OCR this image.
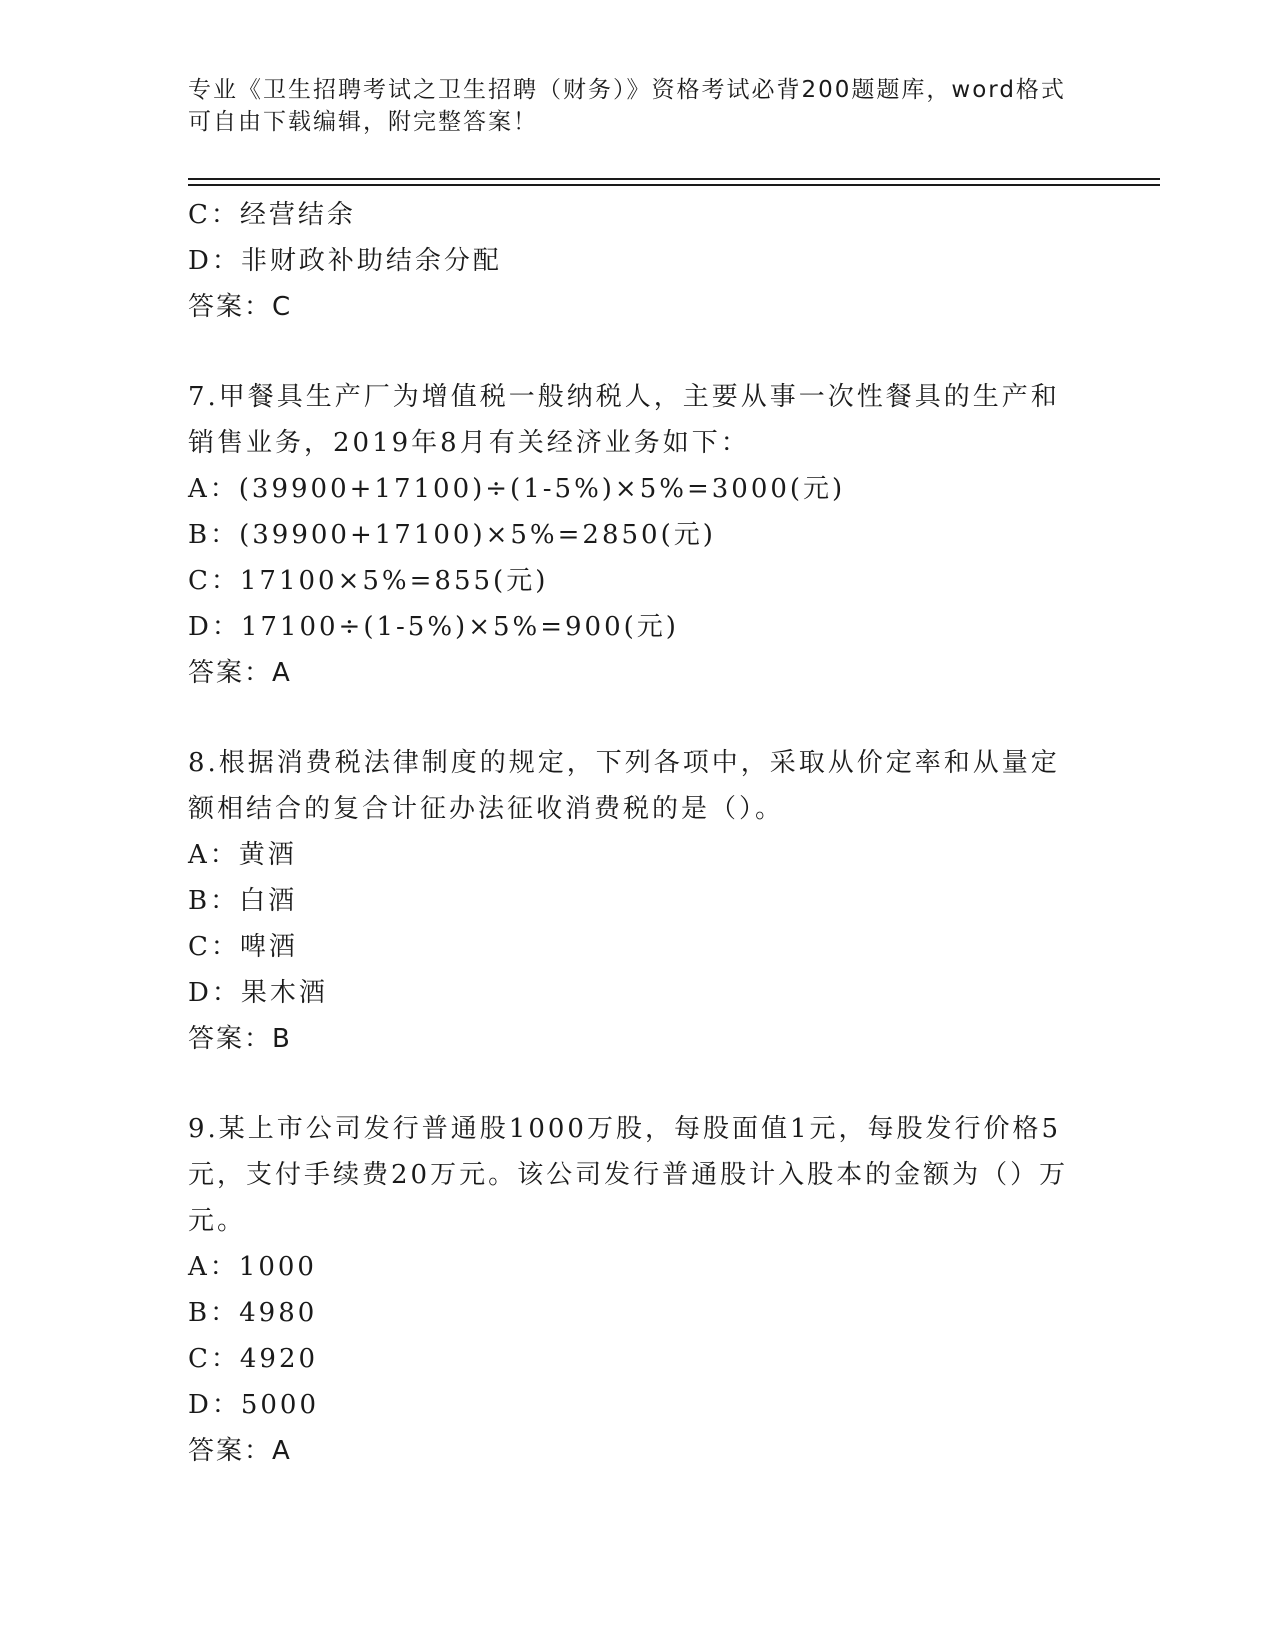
专业《卫生招聘考试之卫生招聘（财务）》资格考试必背200题题库，word格式
可自由下载编辑，附完整答案！
C：经营结余
D：非财政补助结余分配
答案：C
7.甲餐具生产厂为增值税一般纳税人，主要从事一次性餐具的生产和
销售业务，2019年8月有关经济业务如下：
A：(39900+17100)÷(1-5%)×5%=3000(元)
B：(39900+17100)×5%=2850(元)
C：17100×5%=855(元)
D：17100÷(1-5%)×5%=900(元)
答案：A
8.根据消费税法律制度的规定，下列各项中，采取从价定率和从量定
额相结合的复合计征办法征收消费税的是（）。
A：黄酒
B：白酒
C：啤酒
D：果木酒
答案：B
9.某上市公司发行普通股1000万股，每股面值1元，每股发行价格5
元，支付手续费20万元。该公司发行普通股计入股本的金额为（）万
元。
A：1000
B：4980
C：4920
D：5000
答案：A
